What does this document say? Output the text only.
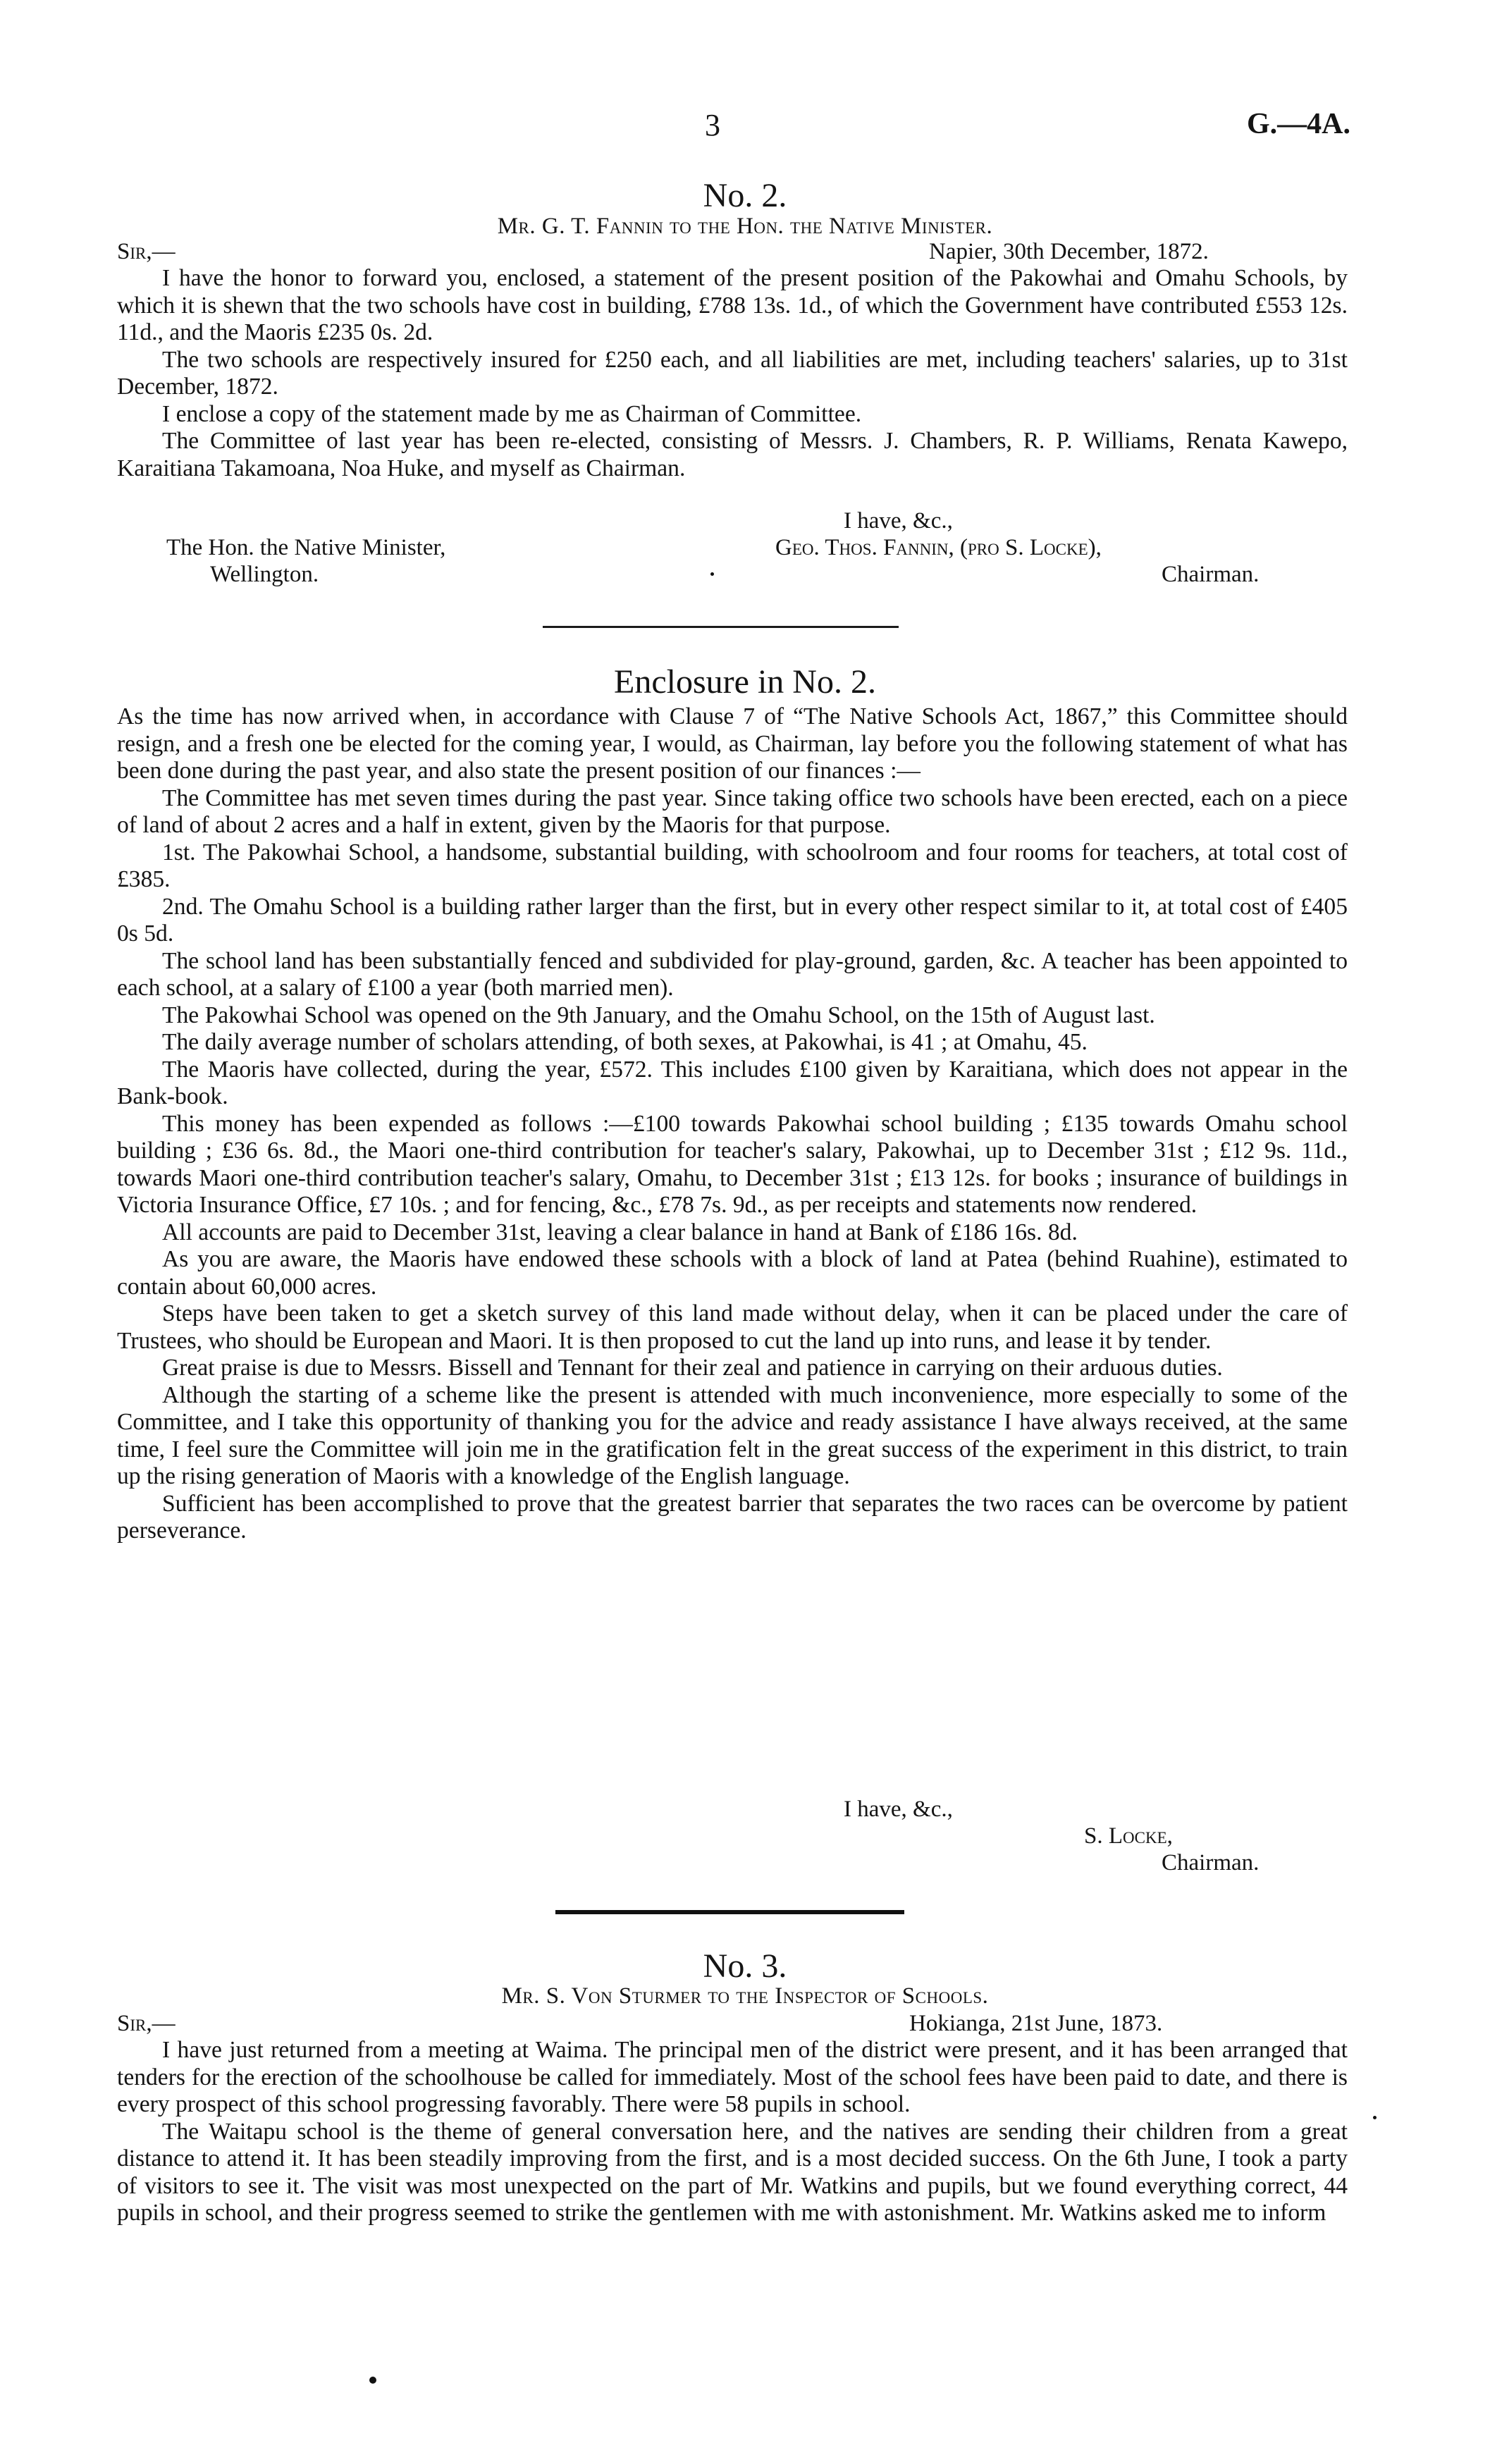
3	G.—4A.
No. 2.
Mr. G. T. Fannin to the Hon. the Native Minister.
Sir,—	Napier, 30th December, 1872.

I have the honor to forward you, enclosed, a statement of the present position of the Pakowhai and Omahu Schools, by which it is shewn that the two schools have cost in building, £788 13s. 1d., of which the Government have contributed £553 12s. 11d., and the Maoris £235 0s. 2d.

The two schools are respectively insured for £250 each, and all liabilities are met, including teachers' salaries, up to 31st December, 1872.

I enclose a copy of the statement made by me as Chairman of Committee.

The Committee of last year has been re-elected, consisting of Messrs. J. Chambers, R. P. Williams, Renata Kawepo, Karaitiana Takamoana, Noa Huke, and myself as Chairman.

I have, &c.,
The Hon. the Native Minister,	Geo. Thos. Fannin, (pro S. Locke),
Wellington.	Chairman.
Enclosure in No. 2.

As the time has now arrived when, in accordance with Clause 7 of “The Native Schools Act, 1867,” this Committee should resign, and a fresh one be elected for the coming year, I would, as Chairman, lay before you the following statement of what has been done during the past year, and also state the present position of our finances :—

The Committee has met seven times during the past year. Since taking office two schools have been erected, each on a piece of land of about 2 acres and a half in extent, given by the Maoris for that purpose.

1st. The Pakowhai School, a handsome, substantial building, with schoolroom and four rooms for teachers, at total cost of £385.

2nd. The Omahu School is a building rather larger than the first, but in every other respect similar to it, at total cost of £405 0s 5d.

The school land has been substantially fenced and subdivided for play-ground, garden, &c. A teacher has been appointed to each school, at a salary of £100 a year (both married men).

The Pakowhai School was opened on the 9th January, and the Omahu School, on the 15th of August last.

The daily average number of scholars attending, of both sexes, at Pakowhai, is 41 ; at Omahu, 45.

The Maoris have collected, during the year, £572. This includes £100 given by Karaitiana, which does not appear in the Bank-book.

This money has been expended as follows :—£100 towards Pakowhai school building ; £135 towards Omahu school building ; £36 6s. 8d., the Maori one-third contribution for teacher's salary, Pakowhai, up to December 31st ; £12 9s. 11d., towards Maori one-third contribution teacher's salary, Omahu, to December 31st ; £13 12s. for books ; insurance of buildings in Victoria Insurance Office, £7 10s. ; and for fencing, &c., £78 7s. 9d., as per receipts and statements now rendered.

All accounts are paid to December 31st, leaving a clear balance in hand at Bank of £186 16s. 8d.

As you are aware, the Maoris have endowed these schools with a block of land at Patea (behind Ruahine), estimated to contain about 60,000 acres.

Steps have been taken to get a sketch survey of this land made without delay, when it can be placed under the care of Trustees, who should be European and Maori. It is then proposed to cut the land up into runs, and lease it by tender.

Great praise is due to Messrs. Bissell and Tennant for their zeal and patience in carrying on their arduous duties.

Although the starting of a scheme like the present is attended with much inconvenience, more especially to some of the Committee, and I take this opportunity of thanking you for the advice and ready assistance I have always received, at the same time, I feel sure the Committee will join me in the gratification felt in the great success of the experiment in this district, to train up the rising generation of Maoris with a knowledge of the English language.

Sufficient has been accomplished to prove that the greatest barrier that separates the two races can be overcome by patient perseverance.

I have, &c.,
S. Locke,
Chairman.
No. 3.
Mr. S. Von Sturmer to the Inspector of Schools.
Sir,—	Hokianga, 21st June, 1873.

I have just returned from a meeting at Waima. The principal men of the district were present, and it has been arranged that tenders for the erection of the schoolhouse be called for immediately. Most of the school fees have been paid to date, and there is every prospect of this school progressing favorably. There were 58 pupils in school.

The Waitapu school is the theme of general conversation here, and the natives are sending their children from a great distance to attend it. It has been steadily improving from the first, and is a most decided success. On the 6th June, I took a party of visitors to see it. The visit was most unexpected on the part of Mr. Watkins and pupils, but we found everything correct, 44 pupils in school, and their progress seemed to strike the gentlemen with me with astonishment. Mr. Watkins asked me to inform
